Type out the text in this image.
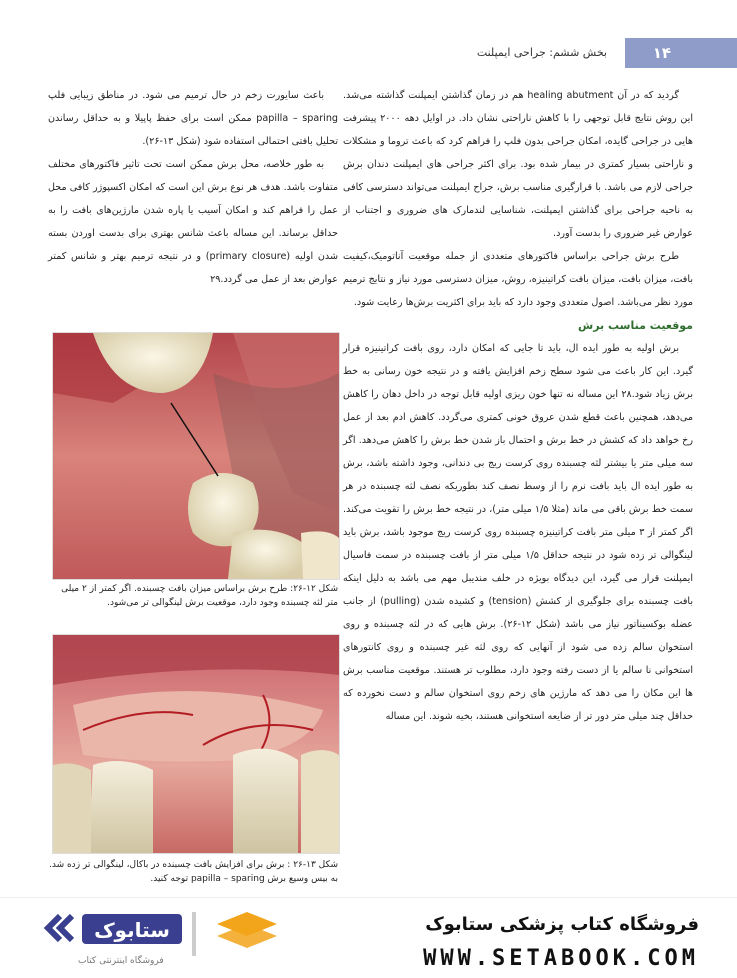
۱۴
بخش ششم: جراحی ایمپلنت

گردید که در آن healing abutment هم در زمان گذاشتن ایمپلنت گذاشته می‌شد. این روش نتایج قابل توجهی را با کاهش ناراحتی نشان داد. در اوایل دهه ۲۰۰۰ پیشرفت هایی در جراحی گایده، امکان جراحی بدون فلپ را فراهم کرد که باعث تروما و مشکلات و ناراحتی بسیار کمتری در بیمار شده بود. برای اکثر جراحی های ایمپلنت دندان برش جراحی لازم می باشد. با قرارگیری مناسب برش، جراح ایمپلنت می‌تواند دسترسی کافی به ناحیه جراحی برای گذاشتن ایمپلنت، شناسایی لندمارک های ضروری و اجتناب از عوارض غیر ضروری را بدست آورد.

طرح برش جراحی براساس فاکتورهای متعددی از جمله موقعیت آناتومیک،کیفیت بافت، میزان بافت، میزان بافت کراتینیزه، روش، میزان دسترسی مورد نیاز و نتایج ترمیم مورد نظر می‌باشد. اصول متعددی وجود دارد که باید برای اکثریت برش‌ها رعایت شود.

موقعیت مناسب برش

برش اولیه به طور ایده ال، باید تا جایی که امکان دارد، روی بافت کراتینیزه قرار گیرد. این کار باعث می شود سطح زخم افزایش یافته و در نتیجه خون رسانی به خط برش زیاد شود.۲۸ این مساله نه تنها خون ریزی اولیه قابل توجه در داخل دهان را کاهش می‌دهد، همچنین باعث قطع شدن عروق خونی کمتری می‌گردد. کاهش ادم بعد از عمل رخ خواهد داد که کشش در خط برش و احتمال باز شدن خط برش را کاهش می‌دهد. اگر سه میلی متر یا بیشتر لثه چسبنده روی کرست ریج بی دندانی، وجود داشته باشد، برش به طور ایده ال باید بافت نرم را از وسط نصف کند بطوریکه نصف لثه چسبنده در هر سمت خط برش باقی می ماند (مثلا ۱/۵ میلی متر)، در نتیجه خط برش را تقویت می‌کند. اگر کمتر از ۳ میلی متر بافت کراتینیزه چسبنده روی کرست ریج موجود باشد، برش باید لینگوالی تر زده شود در نتیجه حداقل ۱/۵ میلی متر از بافت چسبنده در سمت فاسیال ایمپلنت قرار می گیرد، این دیدگاه بویژه در خلف مندیبل مهم می باشد به دلیل اینکه بافت چسبنده برای جلوگیری از کشش (tension) و کشیده شدن (pulling) از جانب عضله بوکسیناتور نیاز می باشد (شکل ۱۲-۲۶). برش هایی که در لثه چسبنده و روی استخوان سالم زده می شود از آنهایی که روی لثه غیر چسبنده و روی کانتورهای استخوانی نا سالم یا از دست رفته وجود دارد، مطلوب تر هستند. موقعیت مناسب برش ها این مکان را می دهد که مارژین های زخم روی استخوان سالم و دست نخورده که حداقل چند میلی متر دور تر از ضایعه استخوانی هستند، بخیه شوند. این مساله

باعث سایورت زخم در حال ترمیم می شود. در مناطق زیبایی فلپ papilla – sparing ممکن است برای حفظ پاپیلا و به حداقل رساندن تحلیل بافتی احتمالی استفاده شود (شکل ۱۳-۲۶).

به طور خلاصه، محل برش ممکن است تحت تاثیر فاکتورهای مختلف متفاوت باشد. هدف هر نوع برش این است که امکان اکسپوژر کافی محل عمل را فراهم کند و امکان آسیب یا پاره شدن مارژین‌های بافت را به حداقل برساند. این مساله باعث شانس بهتری برای بدست اوردن بسته شدن اولیه (primary closure) و در نتیجه ترمیم بهتر و شانس کمتر عوارض بعد از عمل می گردد.۲۹

شکل ۱۲-۲۶: طرح برش براساس میزان بافت چسبنده. اگر کمتر از ۲ میلی متر لثه چسبنده وجود دارد، موقعیت برش لینگوالی تر می‌شود.
شکل ۱۳-۲۶ : برش برای افزایش بافت چسبنده در باکال، لینگوالی تر زده شد. به بیس وسیع برش papilla – sparing توجه کنید.
ستابوک
فروشگاه اینترنتی کتاب
فروشگاه کتاب پزشکی ستابوک
WWW.SETABOOK.COM
